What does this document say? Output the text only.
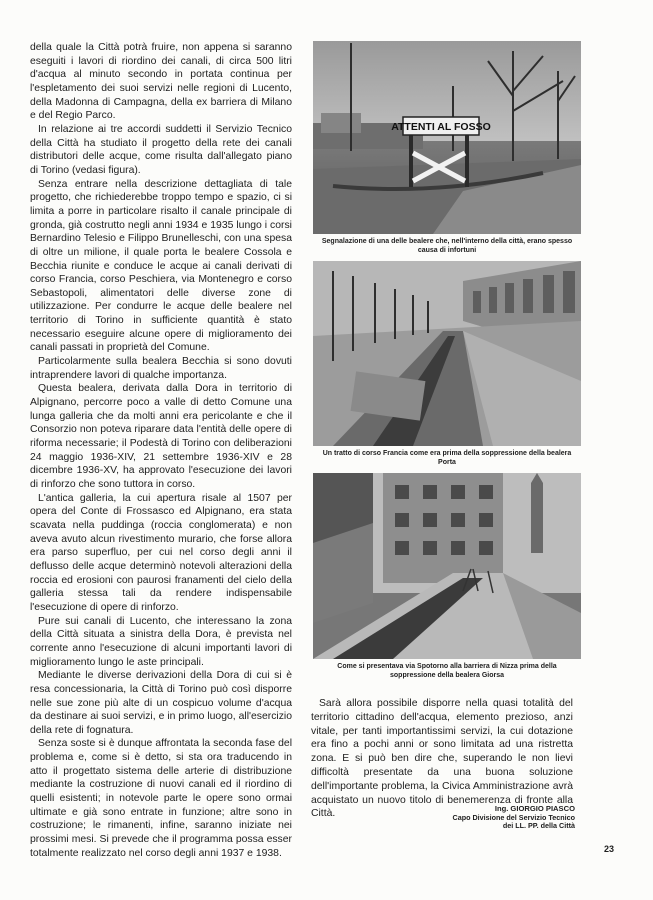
della quale la Città potrà fruire, non appena si saranno eseguiti i lavori di riordino dei canali, di circa 500 litri d'acqua al minuto secondo in portata continua per l'espletamento dei suoi servizi nelle regioni di Lucento, della Madonna di Campagna, della ex barriera di Milano e del Regio Parco.

In relazione ai tre accordi suddetti il Servizio Tecnico della Città ha studiato il progetto della rete dei canali distributori delle acque, come risulta dall'allegato piano di Torino (vedasi figura).

Senza entrare nella descrizione dettagliata di tale progetto, che richiederebbe troppo tempo e spazio, ci si limita a porre in particolare risalto il canale principale di gronda, già costrutto negli anni 1934 e 1935 lungo i corsi Bernardino Telesio e Filippo Brunelleschi, con una spesa di oltre un milione, il quale porta le bealere Cossola e Becchia riunite e conduce le acque ai canali derivati di corso Francia, corso Peschiera, via Montenegro e corso Sebastopoli, alimentatori delle diverse zone di utilizzazione. Per condurre le acque delle bealere nel territorio di Torino in sufficiente quantità è stato necessario eseguire alcune opere di miglioramento dei canali passati in proprietà del Comune.

Particolarmente sulla bealera Becchia si sono dovuti intraprendere lavori di qualche importanza.

Questa bealera, derivata dalla Dora in territorio di Alpignano, percorre poco a valle di detto Comune una lunga galleria che da molti anni era pericolante e che il Consorzio non poteva riparare data l'entità delle opere di riforma necessarie; il Podestà di Torino con deliberazioni 24 maggio 1936-XIV, 21 settembre 1936-XIV e 28 dicembre 1936-XV, ha approvato l'esecuzione dei lavori di rinforzo che sono tuttora in corso.

L'antica galleria, la cui apertura risale al 1507 per opera del Conte di Frossasco ed Alpignano, era stata scavata nella puddinga (roccia conglomerata) e non aveva avuto alcun rivestimento murario, che forse allora era parso superfluo, per cui nel corso degli anni il deflusso delle acque determinò notevoli alterazioni della roccia ed erosioni con paurosi franamenti del cielo della galleria stessa tali da rendere indispensabile l'esecuzione di opere di rinforzo.

Pure sui canali di Lucento, che interessano la zona della Città situata a sinistra della Dora, è prevista nel corrente anno l'esecuzione di alcuni importanti lavori di miglioramento lungo le aste principali.

Mediante le diverse derivazioni della Dora di cui si è resa concessionaria, la Città di Torino può così disporre nelle sue zone più alte di un cospicuo volume d'acqua da destinare ai suoi servizi, e in primo luogo, all'esercizio della rete di fognatura.

Senza soste si è dunque affrontata la seconda fase del problema e, come si è detto, si sta ora traducendo in atto il progettato sistema delle arterie di distribuzione mediante la costruzione di nuovi canali ed il riordino di quelli esistenti; in notevole parte le opere sono ormai ultimate e già sono entrate in funzione; altre sono in costruzione; le rimanenti, infine, saranno iniziate nei prossimi mesi. Si prevede che il programma possa esser totalmente realizzato nel corso degli anni 1937 e 1938.

ATTENTI AL FOSSO
Segnalazione di una delle bealere che, nell'interno della città, erano spesso causa di infortuni
Un tratto di corso Francia come era prima della soppressione della bealera Porta
Come si presentava via Spotorno alla barriera di Nizza prima della soppressione della bealera Giorsa

Sarà allora possibile disporre nella quasi totalità del territorio cittadino dell'acqua, elemento prezioso, anzi vitale, per tanti importantissimi servizi, la cui dotazione era fino a pochi anni or sono limitata ad una ristretta zona. E si può ben dire che, superando le non lievi difficoltà presentate da una buona soluzione dell'importante problema, la Civica Amministrazione avrà acquistato un nuovo titolo di benemerenza di fronte alla Città.	Ing. GIORGIO PIASCO
Capo Divisione del Servizio Tecnico
dei LL. PP. della Città
23
